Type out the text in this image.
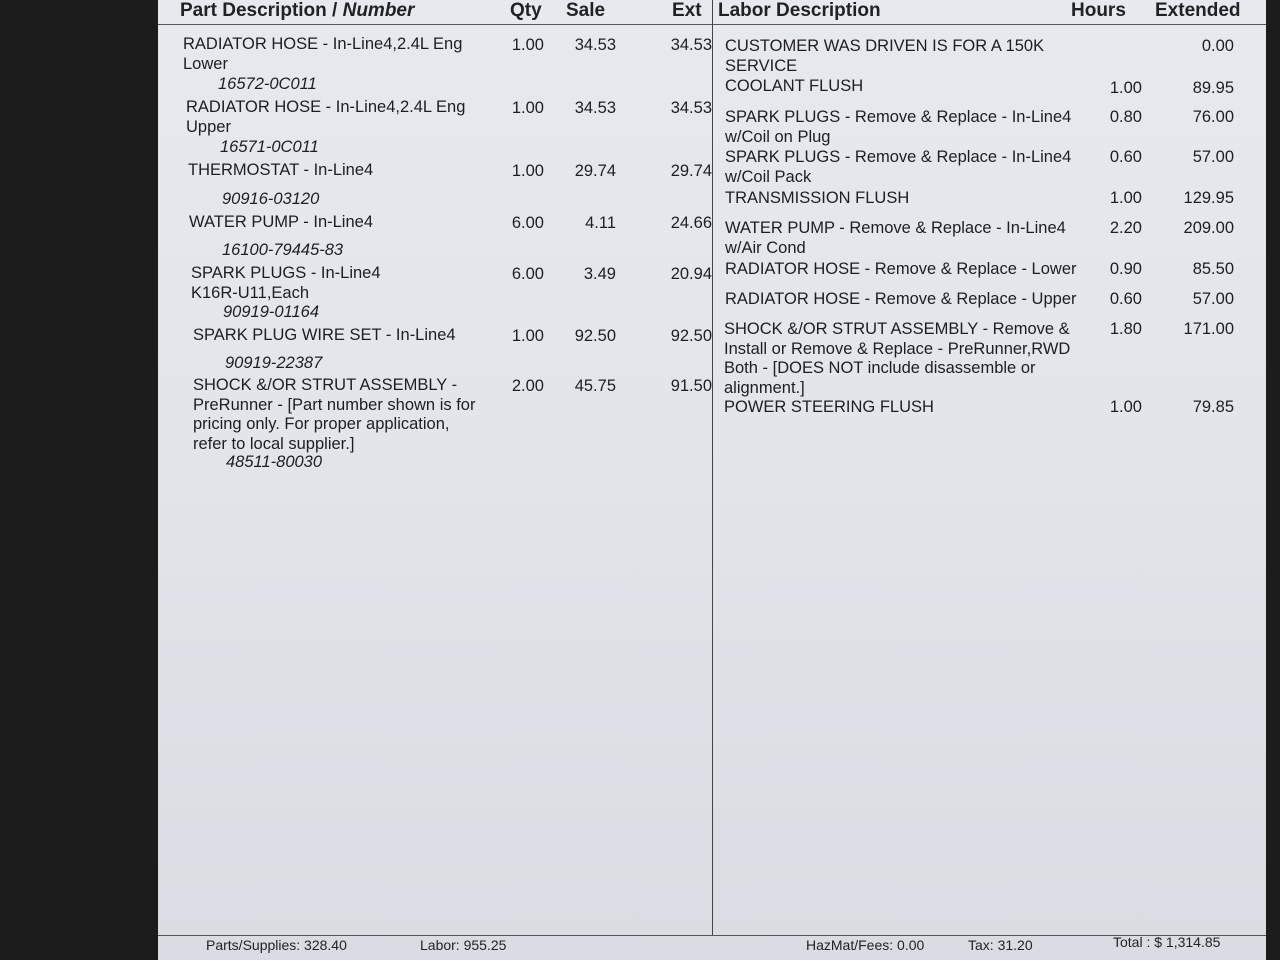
Part Description / Number	Qty Sale	Ext Labor Description	Hours Extended
Parts/Supplies: 328.40	Labor: 955.25	HazMat/Fees: 0.00	Tax: 31.20	Total : $ 1,314.85
RADIATOR HOSE - In-Line4,2.4L Eng
Lower
16572-0C011
1.00	34.53	34.53
RADIATOR HOSE - In-Line4,2.4L Eng
Upper
16571-0C011
1.00	34.53	34.53
THERMOSTAT - In-Line4
90916-03120
1.00	29.74	29.74
WATER PUMP - In-Line4
16100-79445-83
6.00	4.11	24.66
SPARK PLUGS - In-Line4
K16R-U11,Each
90919-01164
6.00	3.49	20.94
SPARK PLUG WIRE SET - In-Line4
90919-22387
1.00	92.50	92.50
SHOCK &/OR STRUT ASSEMBLY -
PreRunner - [Part number shown is for
pricing only. For proper application,
refer to local supplier.]
48511-80030
2.00	45.75	91.50
CUSTOMER WAS DRIVEN IS FOR A 150K
SERVICE
0.00
COOLANT FLUSH	1.00	89.95
SPARK PLUGS - Remove & Replace - In-Line4
w/Coil on Plug
0.80	76.00
SPARK PLUGS - Remove & Replace - In-Line4
w/Coil Pack
0.60	57.00
TRANSMISSION FLUSH	1.00	129.95
WATER PUMP - Remove & Replace - In-Line4
w/Air Cond
2.20	209.00
RADIATOR HOSE - Remove & Replace - Lower	0.90	85.50
RADIATOR HOSE - Remove & Replace - Upper	0.60	57.00
SHOCK &/OR STRUT ASSEMBLY - Remove &
Install or Remove & Replace - PreRunner,RWD
Both - [DOES NOT include disassemble or
alignment.]
1.80	171.00
POWER STEERING FLUSH	1.00	79.85
